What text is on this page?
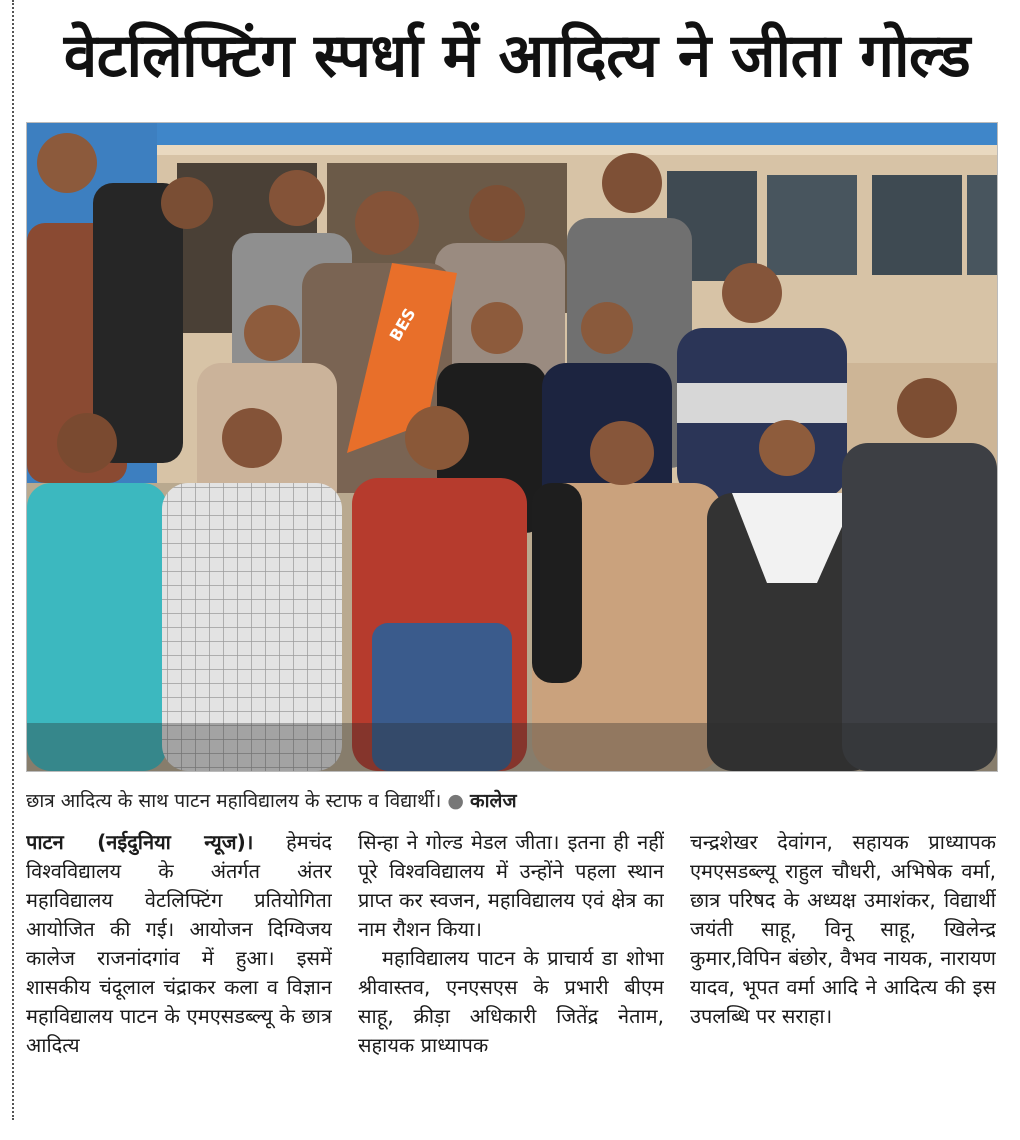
वेटलिफ्टिंग स्पर्धा में आदित्य ने जीता गोल्ड
BES
छात्र आदित्य के साथ पाटन महाविद्यालय के स्टाफ व विद्यार्थी। ● कालेज

पाटन (नईदुनिया न्यूज)। हेमचंद विश्वविद्यालय के अंतर्गत अंतर महाविद्यालय वेटलिफ्टिंग प्रतियोगिता आयोजित की गई। आयोजन दिग्विजय कालेज राजनांदगांव में हुआ। इसमें शासकीय चंदूलाल चंद्राकर कला व विज्ञान महाविद्यालय पाटन के एमएसडब्ल्यू के छात्र आदित्य

सिन्हा ने गोल्ड मेडल जीता। इतना ही नहीं पूरे विश्वविद्यालय में उन्होंने पहला स्थान प्राप्त कर स्वजन, महाविद्यालय एवं क्षेत्र का नाम रौशन किया।

महाविद्यालय पाटन के प्राचार्य डा शोभा श्रीवास्तव, एनएसएस के प्रभारी बीएम साहू, क्रीड़ा अधिकारी जितेंद्र नेताम, सहायक प्राध्यापक

चन्द्रशेखर देवांगन, सहायक प्राध्यापक एमएसडब्ल्यू राहुल चौधरी, अभिषेक वर्मा, छात्र परिषद के अध्यक्ष उमाशंकर, विद्यार्थी जयंती साहू, विनू साहू, खिलेन्द्र कुमार,विपिन बंछोर, वैभव नायक, नारायण यादव, भूपत वर्मा आदि ने आदित्य की इस उपलब्धि पर सराहा।
